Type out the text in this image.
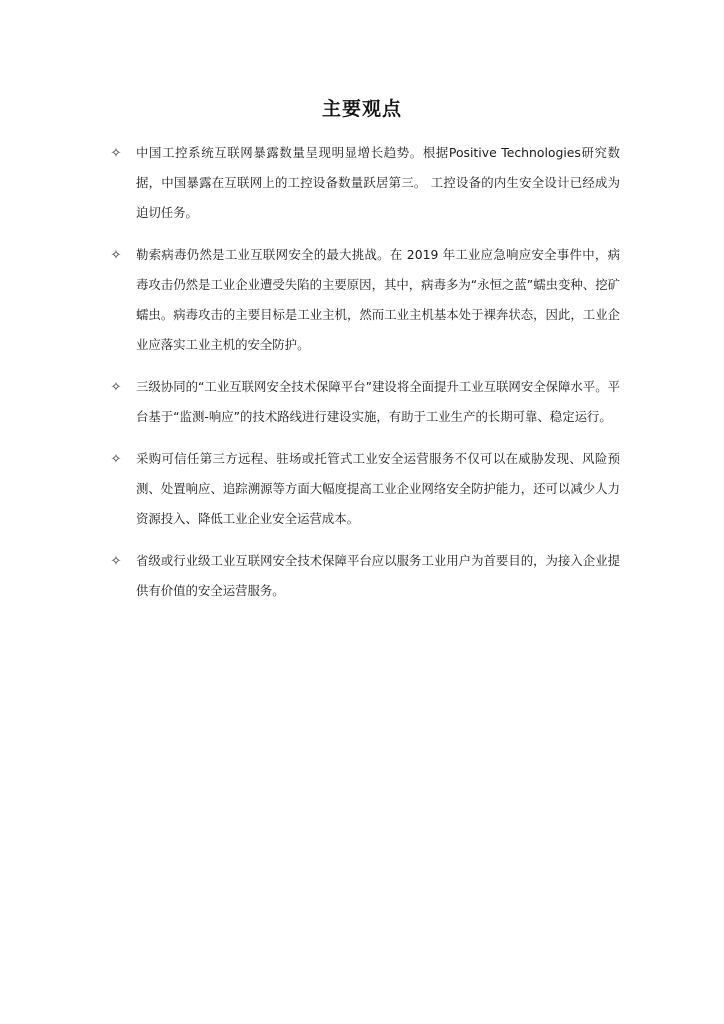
主要观点
✧ 中国工控系统互联网暴露数量呈现明显增长趋势。根据Positive Technologies研究数据，中国暴露在互联网上的工控设备数量跃居第三。 工控设备的内生安全设计已经成为迫切任务。
✧ 勒索病毒仍然是工业互联网安全的最大挑战。在 2019 年工业应急响应安全事件中，病毒攻击仍然是工业企业遭受失陷的主要原因，其中，病毒多为“永恒之蓝”蠕虫变种、挖矿蠕虫。病毒攻击的主要目标是工业主机，然而工业主机基本处于裸奔状态，因此，工业企业应落实工业主机的安全防护。
✧ 三级协同的“工业互联网安全技术保障平台”建设将全面提升工业互联网安全保障水平。平台基于“监测-响应”的技术路线进行建设实施，有助于工业生产的长期可靠、稳定运行。
✧ 采购可信任第三方远程、驻场或托管式工业安全运营服务不仅可以在威胁发现、风险预测、处置响应、追踪溯源等方面大幅度提高工业企业网络安全防护能力，还可以减少人力资源投入、降低工业企业安全运营成本。
✧ 省级或行业级工业互联网安全技术保障平台应以服务工业用户为首要目的，为接入企业提供有价值的安全运营服务。
